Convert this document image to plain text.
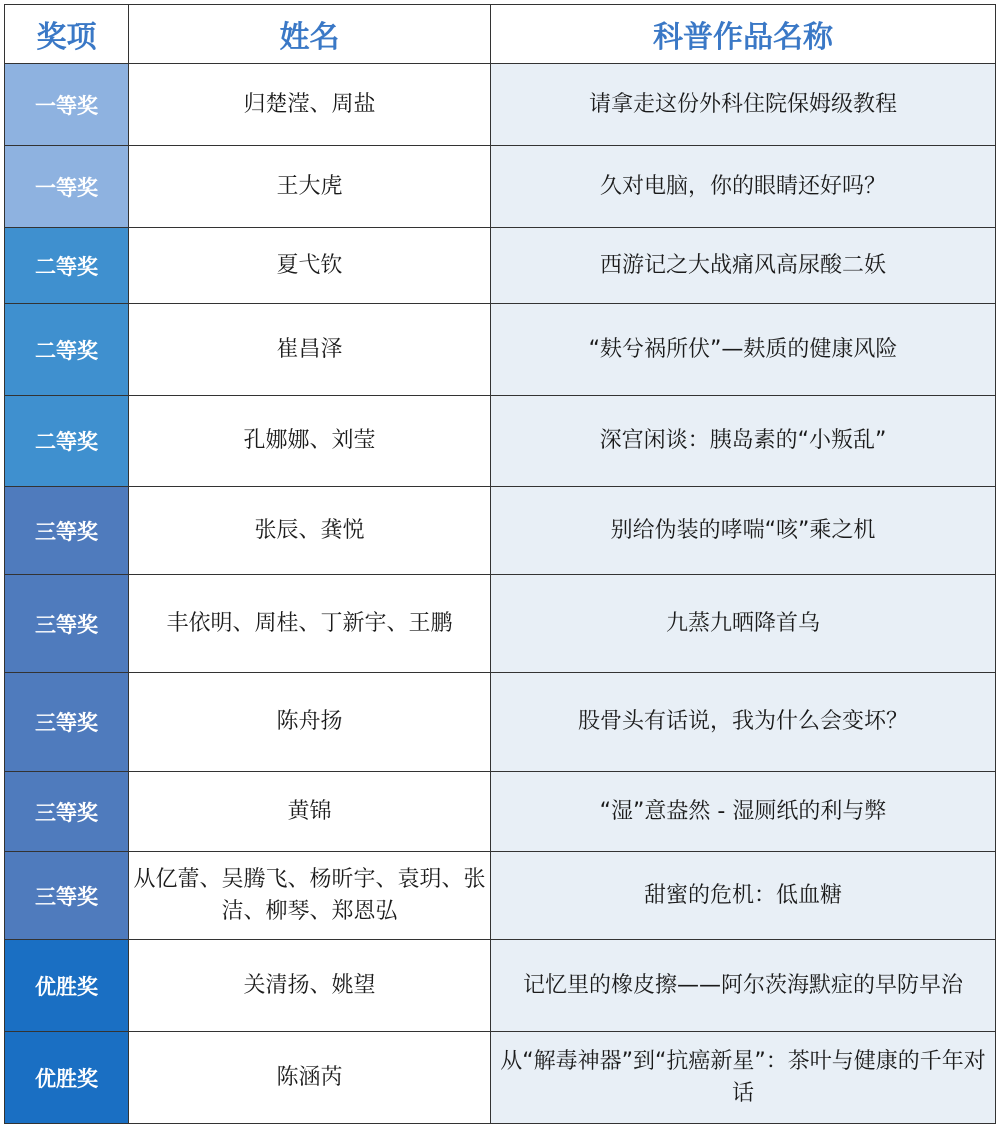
奖项	姓名	科普作品名称
一等奖	归楚滢、周盐	请拿走这份外科住院保姆级教程
一等奖	王大虎	久对电脑，你的眼睛还好吗？
二等奖	夏弋钦	西游记之大战痛风高尿酸二妖
二等奖	崔昌泽	“麸兮祸所伏”—麸质的健康风险
二等奖	孔娜娜、刘莹	深宫闲谈：胰岛素的“小叛乱”
三等奖	张辰、龚悦	别给伪装的哮喘“咳”乘之机
三等奖	丰依明、周桂、丁新宇、王鹏	九蒸九晒降首乌
三等奖	陈舟扬	股骨头有话说，我为什么会变坏？
三等奖	黄锦	“湿”意盎然 - 湿厕纸的利与弊
三等奖	从亿蕾、吴腾飞、杨昕宇、袁玥、张洁、柳琴、郑恩弘	甜蜜的危机：低血糖
优胜奖	关清扬、姚望	记忆里的橡皮擦——阿尔茨海默症的早防早治
优胜奖	陈涵芮	从“解毒神器”到“抗癌新星”：茶叶与健康的千年对话
